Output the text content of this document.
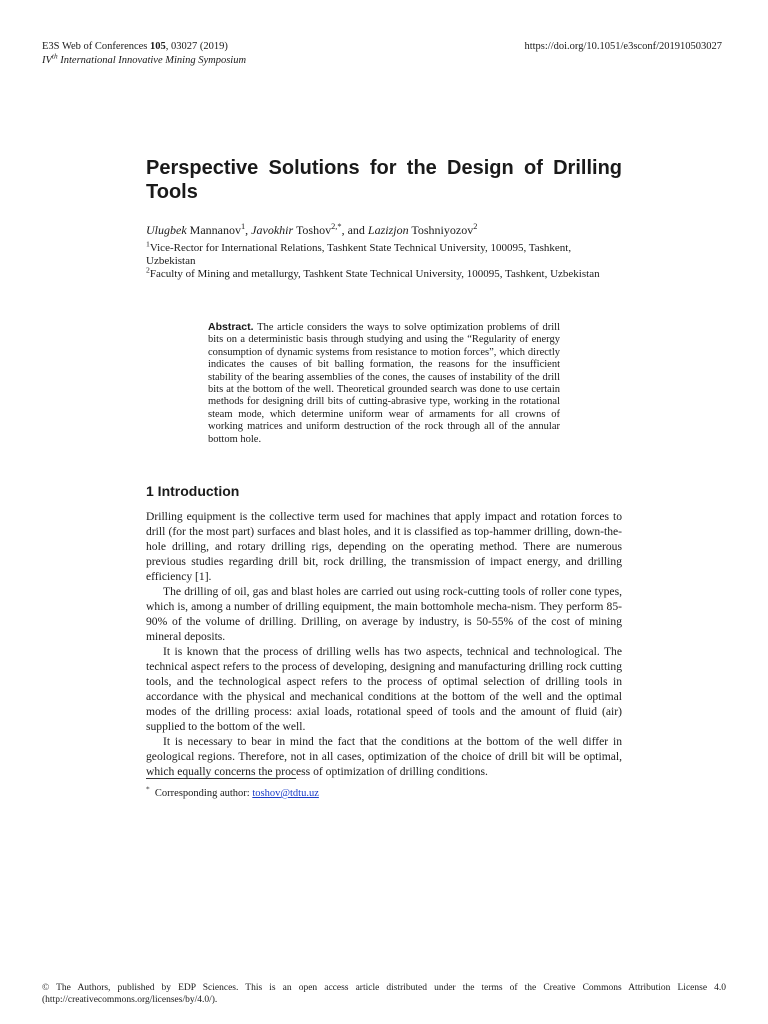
E3S Web of Conferences 105, 03027 (2019)	https://doi.org/10.1051/e3sconf/201910503027
IVth International Innovative Mining Symposium
Perspective Solutions for the Design of Drilling Tools
Ulugbek Mannanov$^1$, Javokhir Toshov$^{2,*}$, and Lazizjon Toshniyozov$^2$

$^1$Vice-Rector for International Relations, Tashkent State Technical University, 100095, Tashkent, Uzbekistan

$^2$Faculty of Mining and metallurgy, Tashkent State Technical University, 100095, Tashkent, Uzbekistan

Abstract. The article considers the ways to solve optimization problems of drill bits on a deterministic basis through studying and using the “Regularity of energy consumption of dynamic systems from resistance to motion forces”, which directly indicates the causes of bit balling formation, the reasons for the insufficient stability of the bearing assemblies of the cones, the causes of instability of the drill bits at the bottom of the well. Theoretical grounded search was done to use certain methods for designing drill bits of cutting-abrasive type, working in the rotational steam mode, which determine uniform wear of armaments for all crowns of working matrices and uniform destruction of the rock through all of the annular bottom hole.
1 Introduction

Drilling equipment is the collective term used for machines that apply impact and rotation forces to drill (for the most part) surfaces and blast holes, and it is classified as top-hammer drilling, down-the-hole drilling, and rotary drilling rigs, depending on the operating method. There are numerous previous studies regarding drill bit, rock drilling, the transmission of impact energy, and drilling efficiency [1].

The drilling of oil, gas and blast holes are carried out using rock-cutting tools of roller cone types, which is, among a number of drilling equipment, the main bottomhole mecha-nism. They perform 85-90% of the volume of drilling. Drilling, on average by industry, is 50-55% of the cost of mining mineral deposits.

It is known that the process of drilling wells has two aspects, technical and technological. The technical aspect refers to the process of developing, designing and manufacturing drilling rock cutting tools, and the technological aspect refers to the process of optimal selection of drilling tools in accordance with the physical and mechanical conditions at the bottom of the well and the optimal modes of the drilling process: axial loads, rotational speed of tools and the amount of fluid (air) supplied to the bottom of the well.

It is necessary to bear in mind the fact that the conditions at the bottom of the well differ in geological regions. Therefore, not in all cases, optimization of the choice of drill bit will be optimal, which equally concerns the process of optimization of drilling conditions.

*  Corresponding author: toshov@tdtu.uz
© The Authors, published by EDP Sciences. This is an open access article distributed under the terms of the Creative Commons Attribution License 4.0 (http://creativecommons.org/licenses/by/4.0/).
